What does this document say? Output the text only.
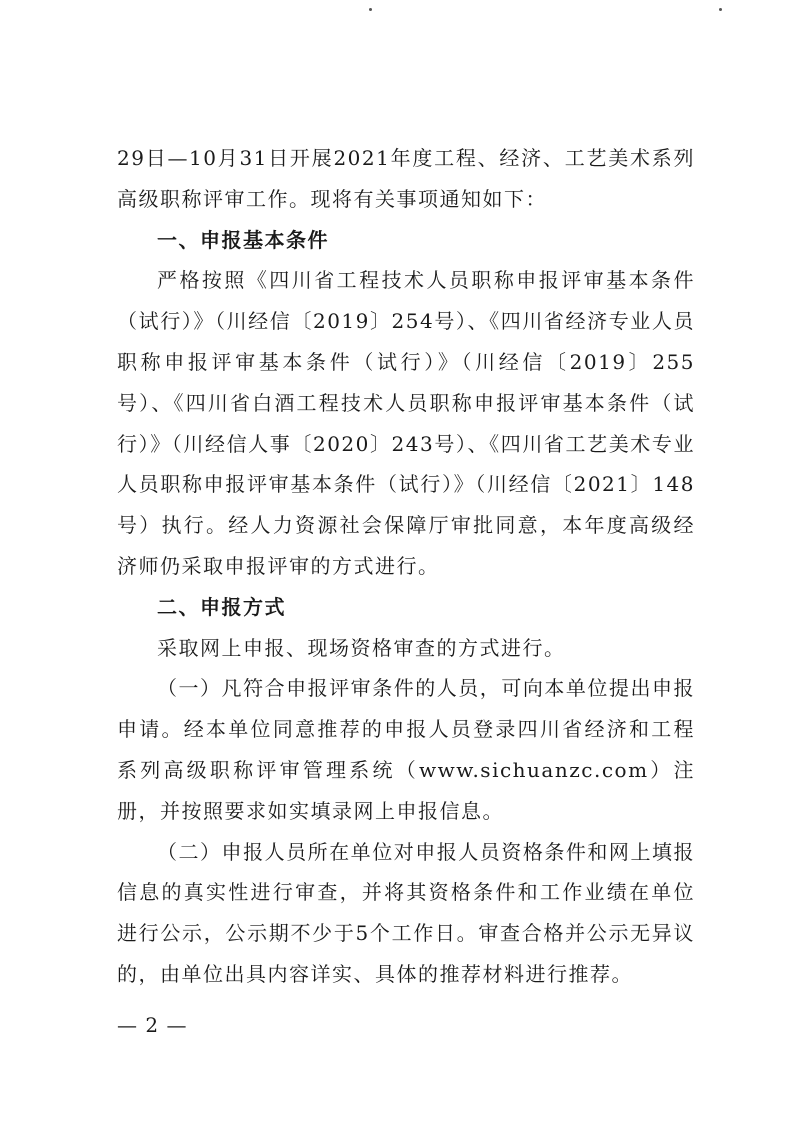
29日—10月31日开展2021年度工程、经济、工艺美术系列高级职称评审工作。现将有关事项通知如下：

一、申报基本条件

严格按照《四川省工程技术人员职称申报评审基本条件（试行）》（川经信〔2019〕254号）、《四川省经济专业人员职称申报评审基本条件（试行）》（川经信〔2019〕255号）、《四川省白酒工程技术人员职称申报评审基本条件（试行）》（川经信人事〔2020〕243号）、《四川省工艺美术专业人员职称申报评审基本条件（试行）》（川经信〔2021〕148号）执行。经人力资源社会保障厅审批同意，本年度高级经济师仍采取申报评审的方式进行。

二、申报方式

采取网上申报、现场资格审查的方式进行。

（一）凡符合申报评审条件的人员，可向本单位提出申报申请。经本单位同意推荐的申报人员登录四川省经济和工程系列高级职称评审管理系统（www.sichuanzc.com）注册，并按照要求如实填录网上申报信息。

（二）申报人员所在单位对申报人员资格条件和网上填报信息的真实性进行审查，并将其资格条件和工作业绩在单位进行公示，公示期不少于5个工作日。审查合格并公示无异议的，由单位出具内容详实、具体的推荐材料进行推荐。

— 2 —
